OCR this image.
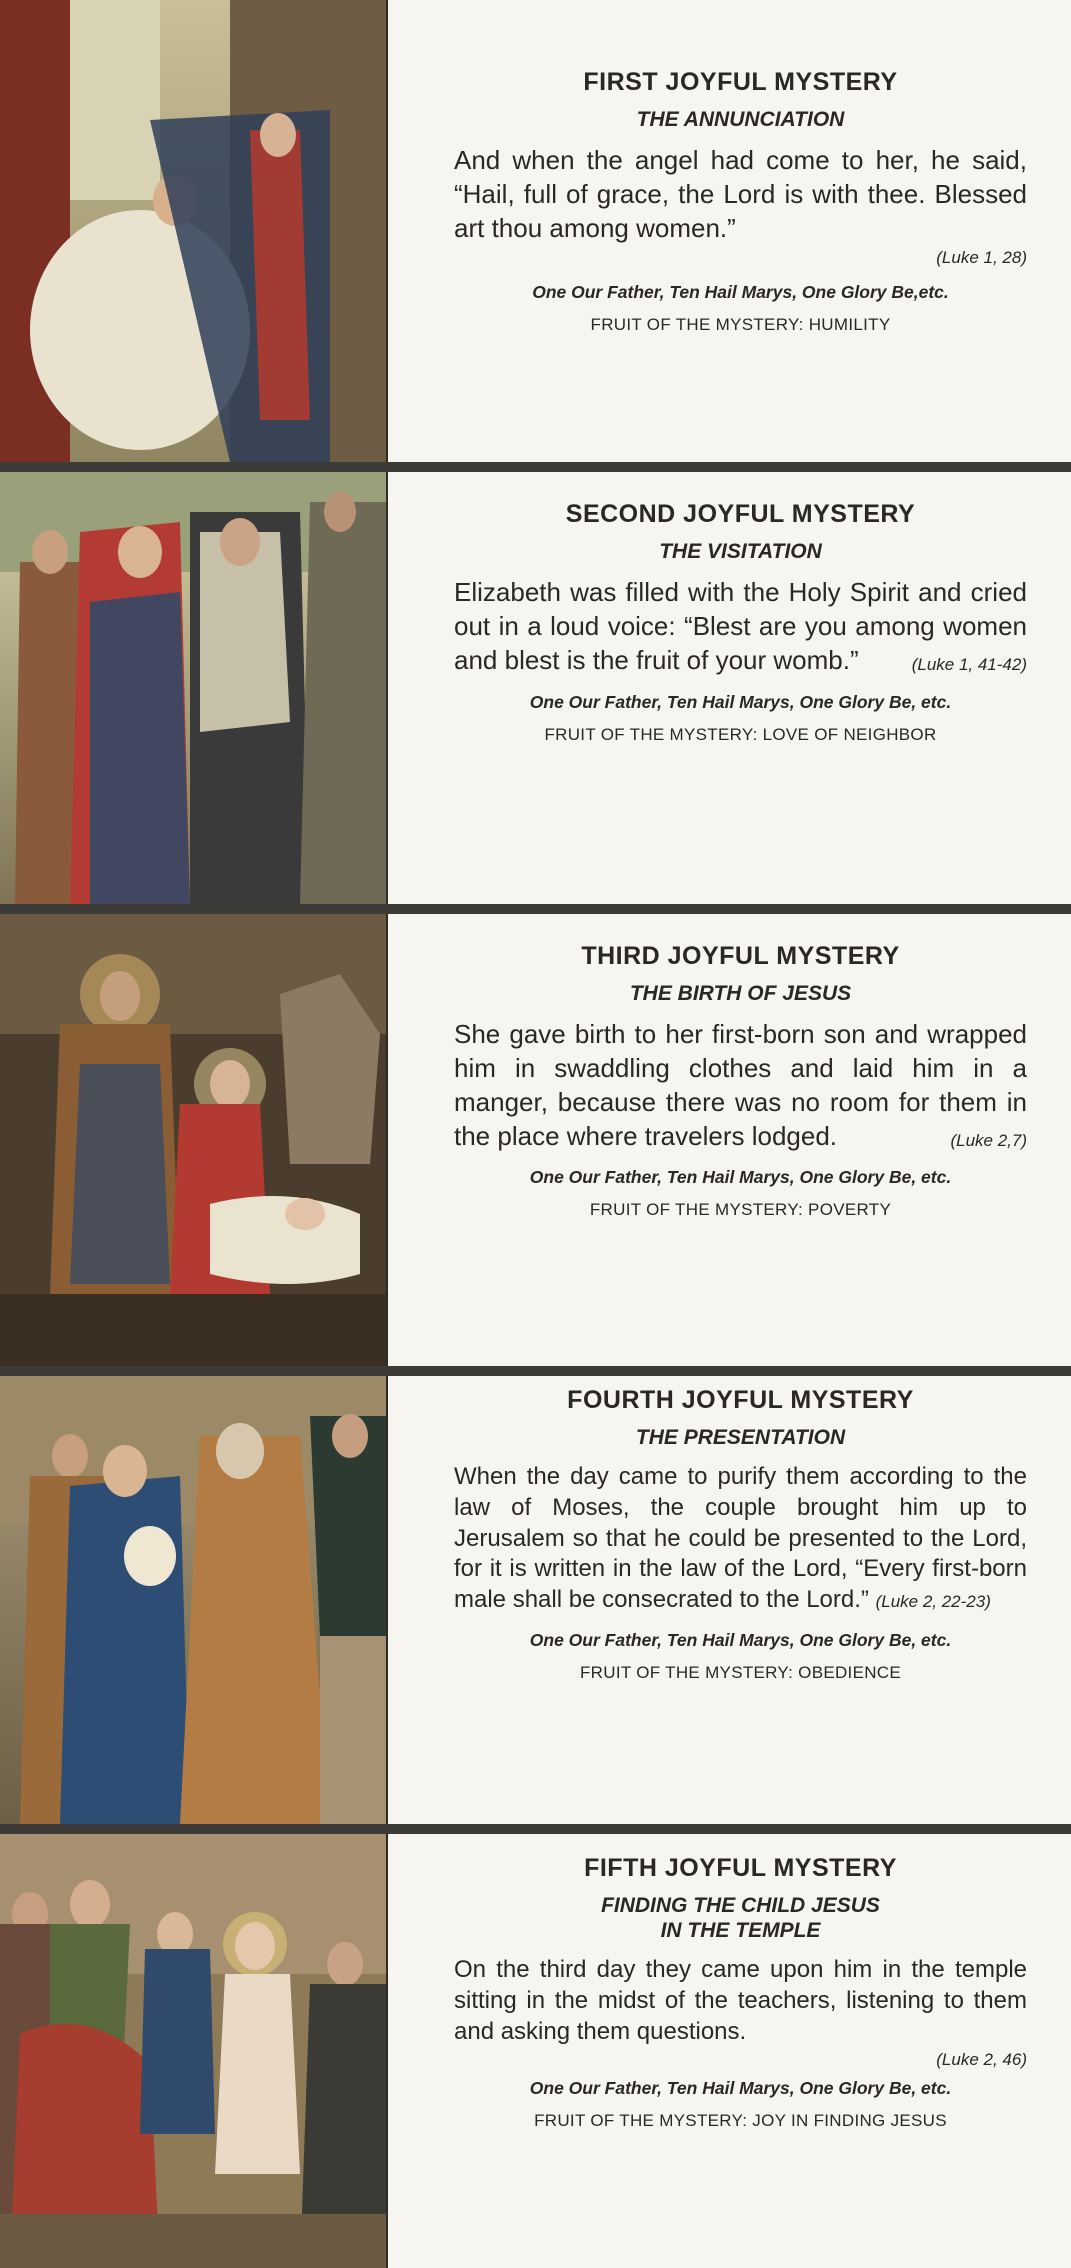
FIRST JOYFUL MYSTERY
THE ANNUNCIATION

And when the angel had come to her, he said, “Hail, full of grace, the Lord is with thee. Blessed art thou among women.”

(Luke 1, 28)
One Our Father, Ten Hail Marys, One Glory Be,etc.
FRUIT OF THE MYSTERY: HUMILITY
SECOND JOYFUL MYSTERY
THE VISITATION

Elizabeth was filled with the Holy Spirit and cried out in a loud voice: “Blest are you among women and blest is the fruit of your womb.”	(Luke 1, 41-42)

One Our Father, Ten Hail Marys, One Glory Be, etc.
FRUIT OF THE MYSTERY: LOVE OF NEIGHBOR
THIRD JOYFUL MYSTERY
THE BIRTH OF JESUS

She gave birth to her first-born son and wrapped him in swaddling clothes and laid him in a manger, because there was no room for them in the place where travelers lodged.	(Luke 2,7)

One Our Father, Ten Hail Marys, One Glory Be, etc.
FRUIT OF THE MYSTERY: POVERTY
FOURTH JOYFUL MYSTERY
THE PRESENTATION

When the day came to purify them according to the law of Moses, the couple brought him up to Jerusalem so that he could be presented to the Lord, for it is written in the law of the Lord, “Every first-born male shall be consecrated to the Lord.” (Luke 2, 22-23)

One Our Father, Ten Hail Marys, One Glory Be, etc.
FRUIT OF THE MYSTERY: OBEDIENCE
FIFTH JOYFUL MYSTERY
FINDING THE CHILD JESUS
IN THE TEMPLE

On the third day they came upon him in the temple sitting in the midst of the teachers, listening to them and asking them questions.

(Luke 2, 46)
One Our Father, Ten Hail Marys, One Glory Be, etc.
FRUIT OF THE MYSTERY: JOY IN FINDING JESUS
